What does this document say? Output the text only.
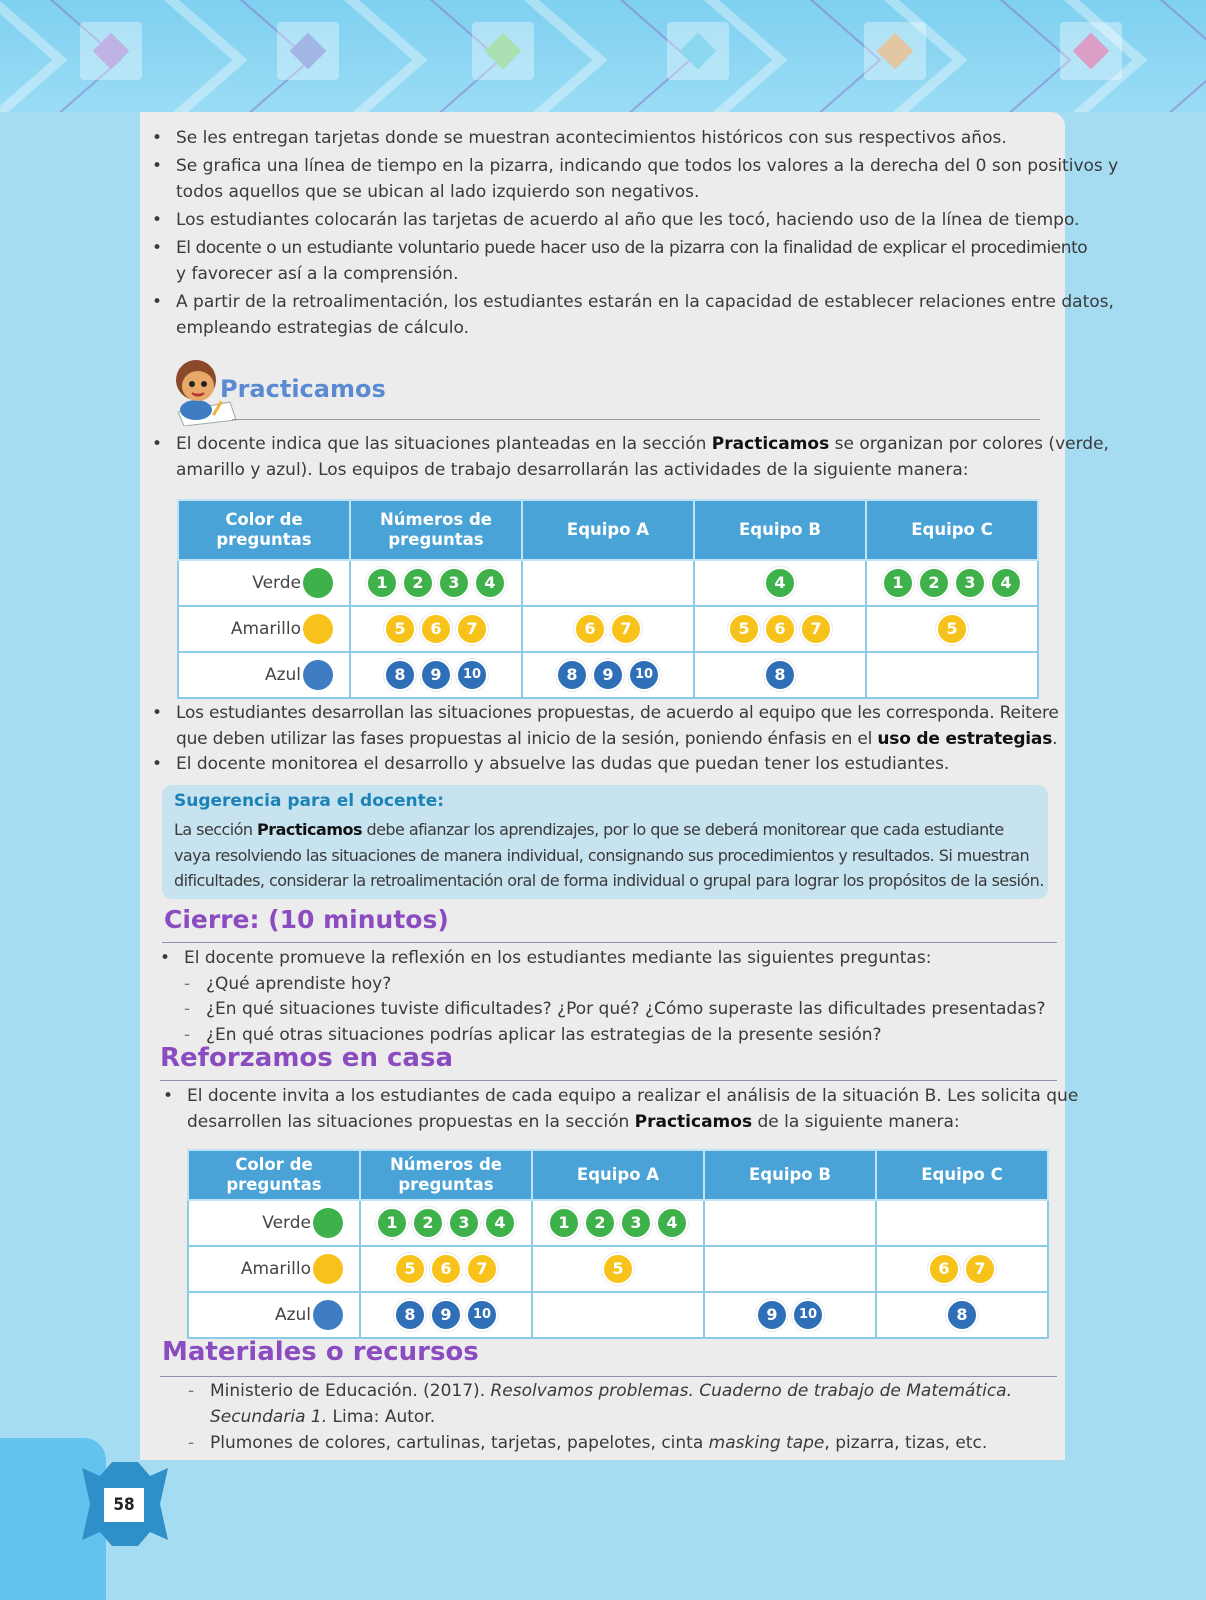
• Se les entregan tarjetas donde se muestran acontecimientos históricos con sus respectivos años.
• Se grafica una línea de tiempo en la pizarra, indicando que todos los valores a la derecha del 0 son positivos y
todos aquellos que se ubican al lado izquierdo son negativos.
• Los estudiantes colocarán las tarjetas de acuerdo al año que les tocó, haciendo uso de la línea de tiempo.
• El docente o un estudiante voluntario puede hacer uso de la pizarra con la finalidad de explicar el procedimiento
y favorecer así a la comprensión.
• A partir de la retroalimentación, los estudiantes estarán en la capacidad de establecer relaciones entre datos,
empleando estrategias de cálculo.
Practicamos
• El docente indica que las situaciones planteadas en la sección Practicamos se organizan por colores (verde,
amarillo y azul). Los equipos de trabajo desarrollarán las actividades de la siguiente manera:
Color de
preguntas	Números de
preguntas	Equipo A	Equipo B	Equipo C

Verde	1 2 3 4		4	1 2 3 4

Amarillo	5 6 7	6 7	5 6 7	5

Azul	8 9 10	8 9 10	8	
• Los estudiantes desarrollan las situaciones propuestas, de acuerdo al equipo que les corresponda. Reitere
que deben utilizar las fases propuestas al inicio de la sesión, poniendo énfasis en el uso de estrategias.
• El docente monitorea el desarrollo y absuelve las dudas que puedan tener los estudiantes.
Sugerencia para el docente:
La sección Practicamos debe afianzar los aprendizajes, por lo que se deberá monitorear que cada estudiante
vaya resolviendo las situaciones de manera individual, consignando sus procedimientos y resultados. Si muestran
dificultades, considerar la retroalimentación oral de forma individual o grupal para lograr los propósitos de la sesión.
Cierre: (10 minutos)
• El docente promueve la reflexión en los estudiantes mediante las siguientes preguntas:
- ¿Qué aprendiste hoy?
- ¿En qué situaciones tuviste dificultades? ¿Por qué? ¿Cómo superaste las dificultades presentadas?
- ¿En qué otras situaciones podrías aplicar las estrategias de la presente sesión?
Reforzamos en casa
• El docente invita a los estudiantes de cada equipo a realizar el análisis de la situación B. Les solicita que
desarrollen las situaciones propuestas en la sección Practicamos de la siguiente manera:
Color de
preguntas	Números de
preguntas	Equipo A	Equipo B	Equipo C

Verde	1 2 3 4	1 2 3 4		

Amarillo	5 6 7	5		6 7

Azul	8 9 10		9 10	8
Materiales o recursos
- Ministerio de Educación. (2017). Resolvamos problemas. Cuaderno de trabajo de Matemática.
Secundaria 1. Lima: Autor.
- Plumones de colores, cartulinas, tarjetas, papelotes, cinta masking tape, pizarra, tizas, etc.
58
